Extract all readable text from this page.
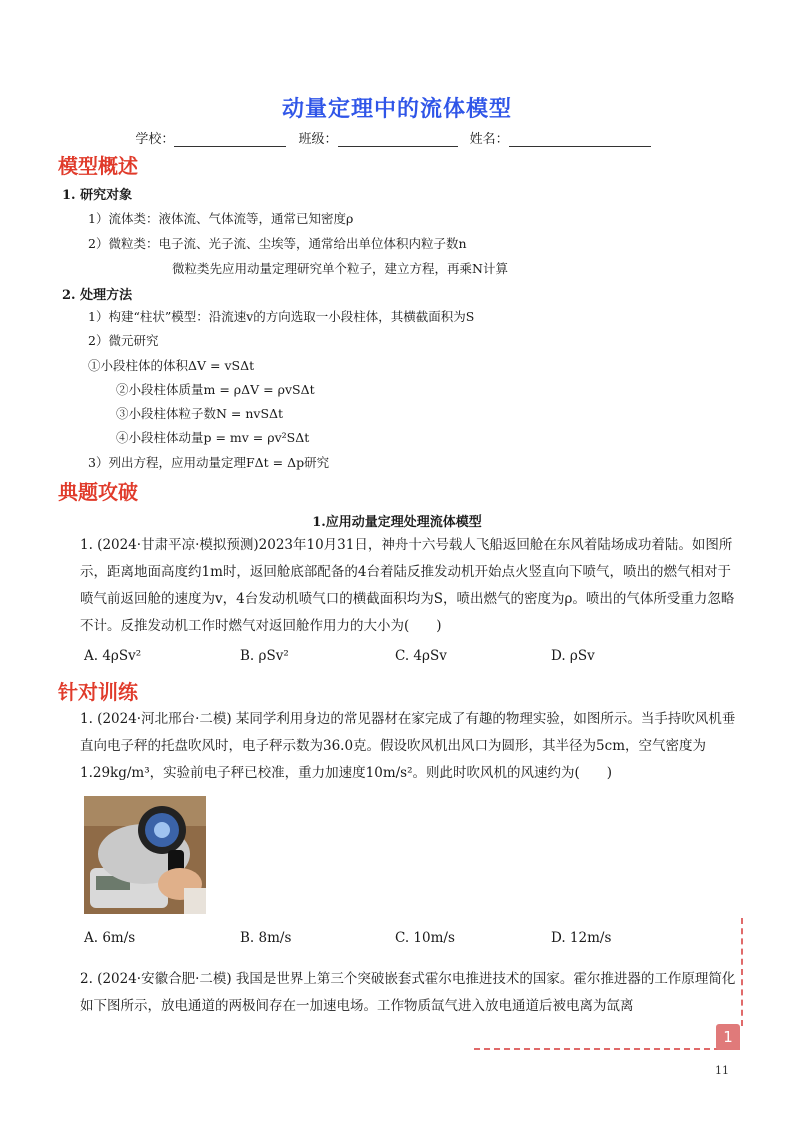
动量定理中的流体模型
学校：	班级：	姓名：
模型概述
1. 研究对象
1）流体类：液体流、气体流等，通常已知密度ρ
2）微粒类：电子流、光子流、尘埃等，通常给出单位体积内粒子数n
微粒类先应用动量定理研究单个粒子，建立方程，再乘N计算
2. 处理方法
1）构建“柱状”模型：沿流速v的方向选取一小段柱体，其横截面积为S
2）微元研究
①小段柱体的体积ΔV = vSΔt
②小段柱体质量m = ρΔV = ρvSΔt
③小段柱体粒子数N = nvSΔt
④小段柱体动量p = mv = ρv²SΔt
3）列出方程，应用动量定理FΔt = Δp研究
典题攻破
1.应用动量定理处理流体模型
1. (2024·甘肃平凉·模拟预测)2023年10月31日，神舟十六号载人飞船返回舱在东风着陆场成功着陆。如图所示，距离地面高度约1m时，返回舱底部配备的4台着陆反推发动机开始点火竖直向下喷气，喷出的燃气相对于喷气前返回舱的速度为v，4台发动机喷气口的横截面积均为S，喷出燃气的密度为ρ。喷出的气体所受重力忽略不计。反推发动机工作时燃气对返回舱作用力的大小为(　　)
A. 4ρSv²	B. ρSv²	C. 4ρSv	D. ρSv
针对训练
1. (2024·河北邢台·二模) 某同学利用身边的常见器材在家完成了有趣的物理实验，如图所示。当手持吹风机垂直向电子秤的托盘吹风时，电子秤示数为36.0克。假设吹风机出风口为圆形，其半径为5cm，空气密度为1.29kg/m³，实验前电子秤已校准，重力加速度10m/s²。则此时吹风机的风速约为(　　)
A. 6m/s	B. 8m/s	C. 10m/s	D. 12m/s
2. (2024·安徽合肥·二模) 我国是世界上第三个突破嵌套式霍尔电推进技术的国家。霍尔推进器的工作原理简化如下图所示，放电通道的两极间存在一加速电场。工作物质氙气进入放电通道后被电离为氙离
1
11
